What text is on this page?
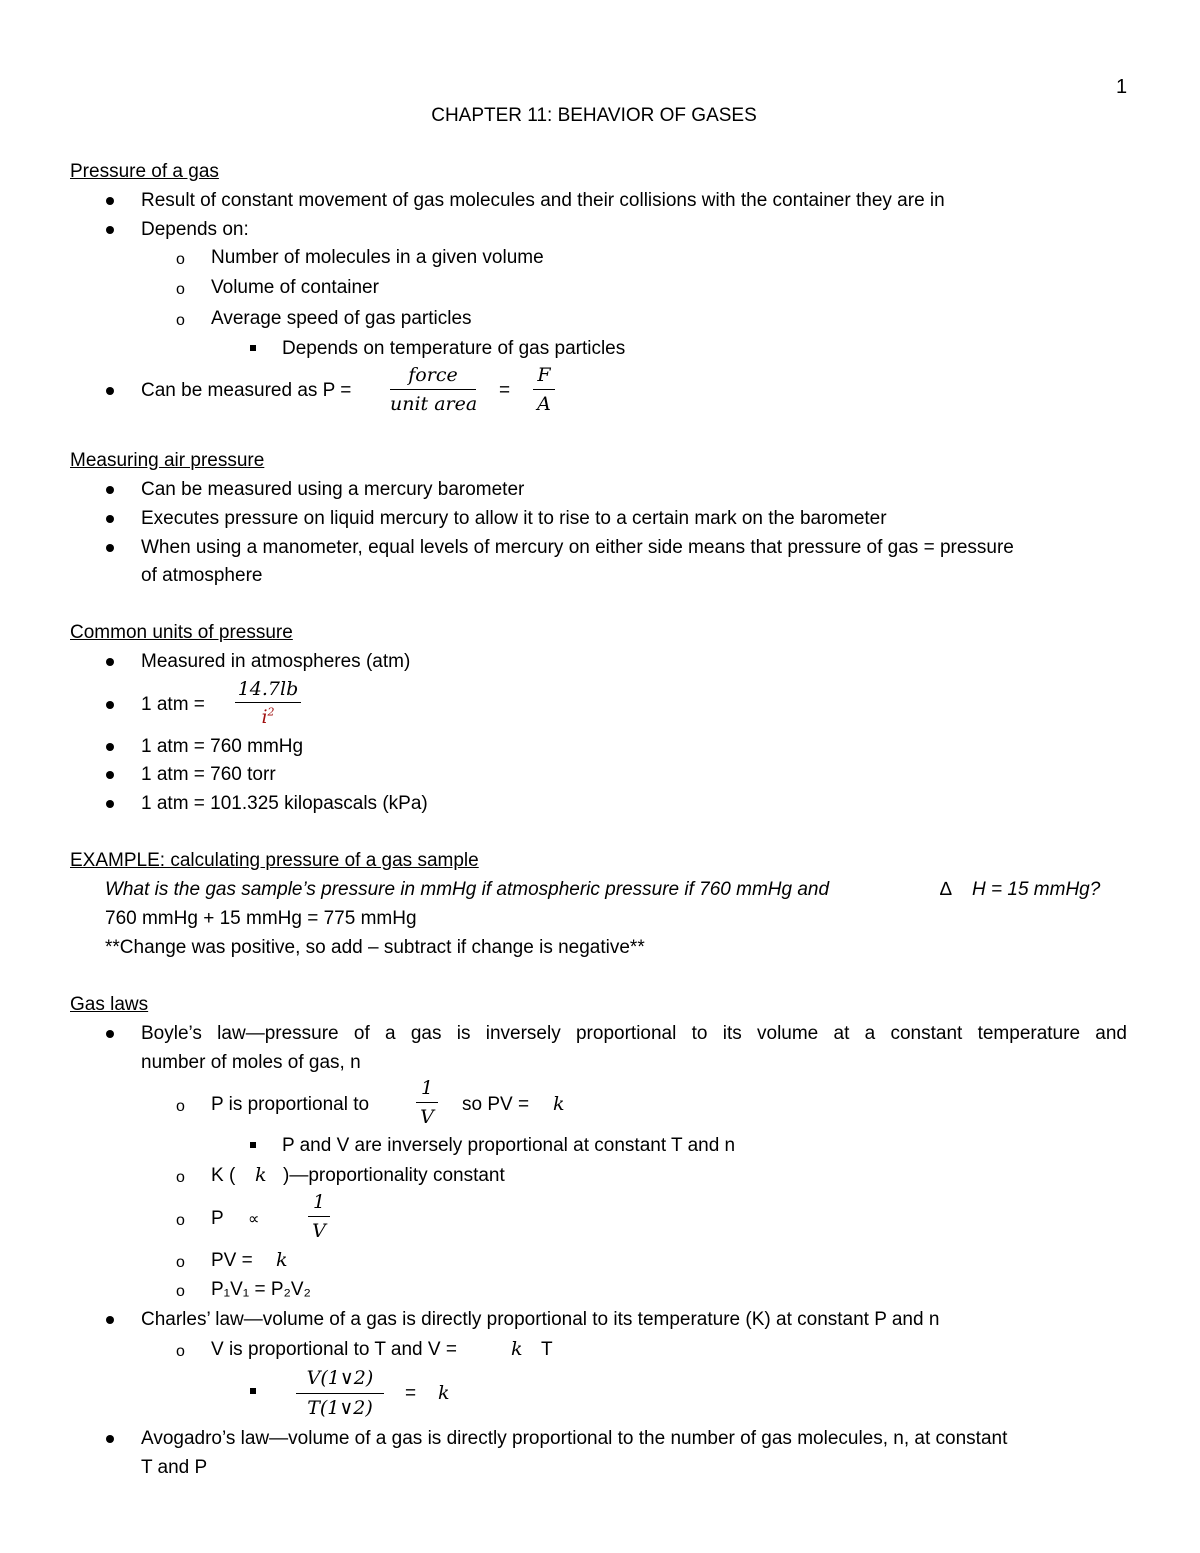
1
CHAPTER 11: BEHAVIOR OF GASES
Pressure of a gas
Result of constant movement of gas molecules and their collisions with the container they are in
Depends on:
o Number of molecules in a given volume
o Volume of container
o Average speed of gas particles
Depends on temperature of gas particles
Can be measured as P =
force
unit area
=
F
A
Measuring air pressure
Can be measured using a mercury barometer
Executes pressure on liquid mercury to allow it to rise to a certain mark on the barometer
When using a manometer, equal levels of mercury on either side means that pressure of gas = pressure
of atmosphere
Common units of pressure
Measured in atmospheres (atm)
1 atm =
14.7lb
$i^2$
1 atm = 760 mmHg
1 atm = 760 torr
1 atm = 101.325 kilopascals (kPa)
EXAMPLE: calculating pressure of a gas sample
What is the gas sample’s pressure in mmHg if atmospheric pressure if 760 mmHg and	∆ H = 15 mmHg?
760 mmHg + 15 mmHg = 775 mmHg
**Change was positive, so add – subtract if change is negative**
Gas laws
Boyle’s law—pressure of a gas is inversely proportional to its volume at a constant temperature and
number of moles of gas, n
o P is proportional to
1
V
so PV = k
P and V are inversely proportional at constant T and n
o K ( k )—proportionality constant
o P ∝
1
V
o PV = k
o P₁V₁ = P₂V₂
Charles’ law—volume of a gas is directly proportional to its temperature (K) at constant P and n
o V is proportional to T and V =	k T
V(1∨2)
T(1∨2)
= k
Avogadro’s law—volume of a gas is directly proportional to the number of gas molecules, n, at constant
T and P
